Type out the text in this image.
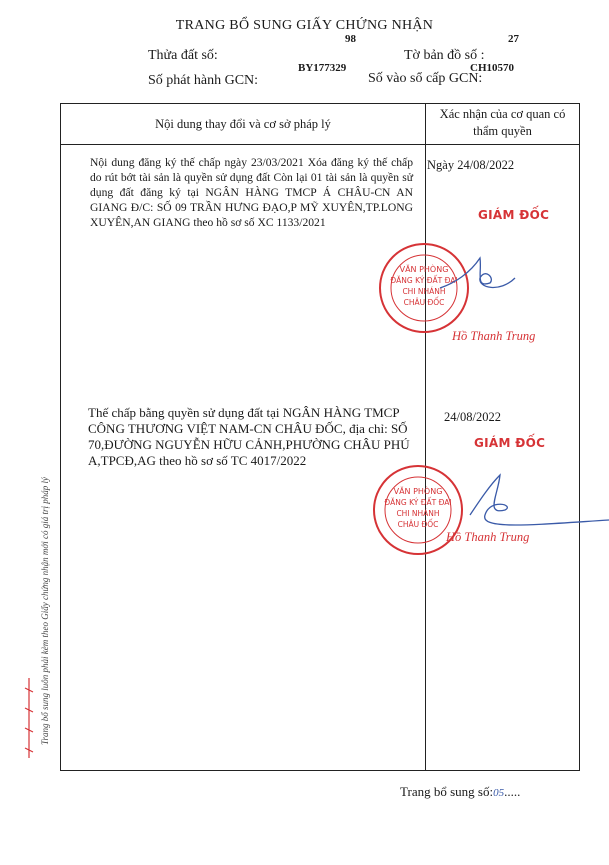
TRANG BỔ SUNG GIẤY CHỨNG NHẬN
Thửa đất số:
98
Tờ bản đồ số :
27
Số phát hành GCN:
BY177329
Số vào sổ cấp GCN:
CH10570
Nội dung thay đổi và cơ sở pháp lý	Xác nhận của cơ quan có thẩm quyền

Nội dung đăng ký thế chấp ngày 23/03/2021 Xóa đăng ký thế chấp do rút bớt tài sản là quyền sử dụng đất Còn lại 01 tài sản là quyền sử dụng đất đăng ký tại NGÂN HÀNG TMCP Á CHÂU-CN AN GIANG Đ/C: SỐ 09 TRẦN HƯNG ĐẠO,P MỸ XUYÊN,TP.LONG XUYÊN,AN GIANG theo hồ sơ số XC 1133/2021
Ngày 24/08/2022
GIÁM ĐỐC
VĂN PHÒNG
ĐĂNG KÝ ĐẤT ĐAI
CHI NHÁNH
CHÂU ĐỐC
Hồ Thanh Trung
Thế chấp bằng quyền sử dụng đất tại NGÂN HÀNG TMCP CÔNG THƯƠNG VIỆT NAM-CN CHÂU ĐỐC, địa chỉ: SỐ 70,ĐƯỜNG NGUYỄN HỮU CẢNH,PHƯỜNG CHÂU PHÚ A,TPCĐ,AG theo hồ sơ số TC 4017/2022
24/08/2022
GIÁM ĐỐC
VĂN PHÒNG
ĐĂNG KÝ ĐẤT ĐAI
CHI NHÁNH
CHÂU ĐỐC
Hồ Thanh Trung
Trang bổ sung luôn phải kèm theo Giấy chứng nhận mới có giá trị pháp lý
Trang bổ sung số:05.....
